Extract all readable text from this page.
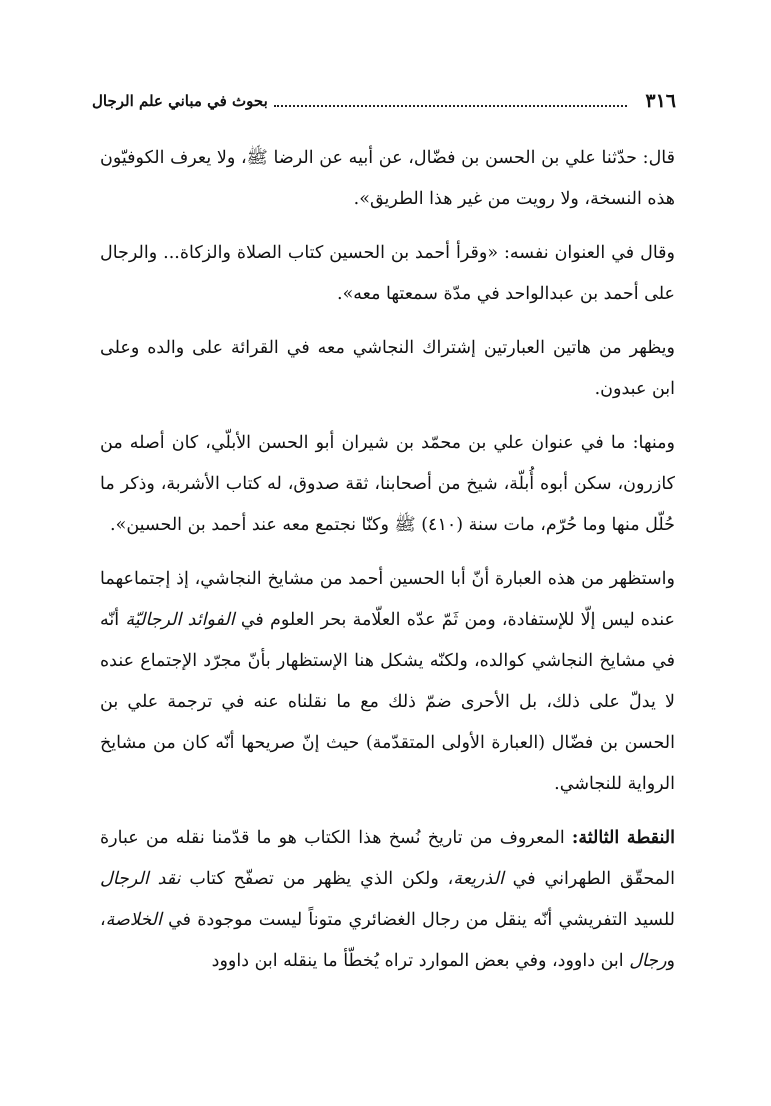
٣١٦
بحوث في مباني علم الرجال

قال: حدّثنا علي بن الحسن بن فضّال، عن أبيه عن الرضا ﷺ، ولا يعرف الكوفيّون هذه النسخة، ولا رويت من غير هذا الطريق».

وقال في العنوان نفسه: «وقرأ أحمد بن الحسين كتاب الصلاة والزكاة... والرجال على أحمد بن عبدالواحد في مدّة سمعتها معه».

ويظهر من هاتين العبارتين إشتراك النجاشي معه في القرائة على والده وعلى ابن عبدون.

ومنها: ما في عنوان علي بن محمّد بن شيران أبو الحسن الأبلّي، كان أصله من كازرون، سكن أبوه أُبلّة، شيخ من أصحابنا، ثقة صدوق، له كتاب الأشربة، وذكر ما حُلّل منها وما حُرّم، مات سنة (٤١٠) ﷺ وكنّا نجتمع معه عند أحمد بن الحسين».

واستظهر من هذه العبارة أنّ أبا الحسين أحمد من مشايخ النجاشي، إذ إجتماعهما عنده ليس إلّا للإستفادة، ومن ثَمّ عدّه العلّامة بحر العلوم في الفوائد الرجاليّة أنّه في مشايخ النجاشي كوالده، ولكنّه يشكل هنا الإستظهار بأنّ مجرّد الإجتماع عنده لا يدلّ على ذلك، بل الأحرى ضمّ ذلك مع ما نقلناه عنه في ترجمة علي بن الحسن بن فضّال (العبارة الأولى المتقدّمة) حيث إنّ صريحها أنّه كان من مشايخ الرواية للنجاشي.

النقطة الثالثة: المعروف من تاريخ نُسخ هذا الكتاب هو ما قدّمنا نقله من عبارة المحقّق الطهراني في الذريعة، ولكن الذي يظهر من تصفّح كتاب نقد الرجال للسيد التفريشي أنّه ينقل من رجال الغضائري متوناً ليست موجودة في الخلاصة، ورجال ابن داوود، وفي بعض الموارد تراه يُخطّأ ما ينقله ابن داوود
